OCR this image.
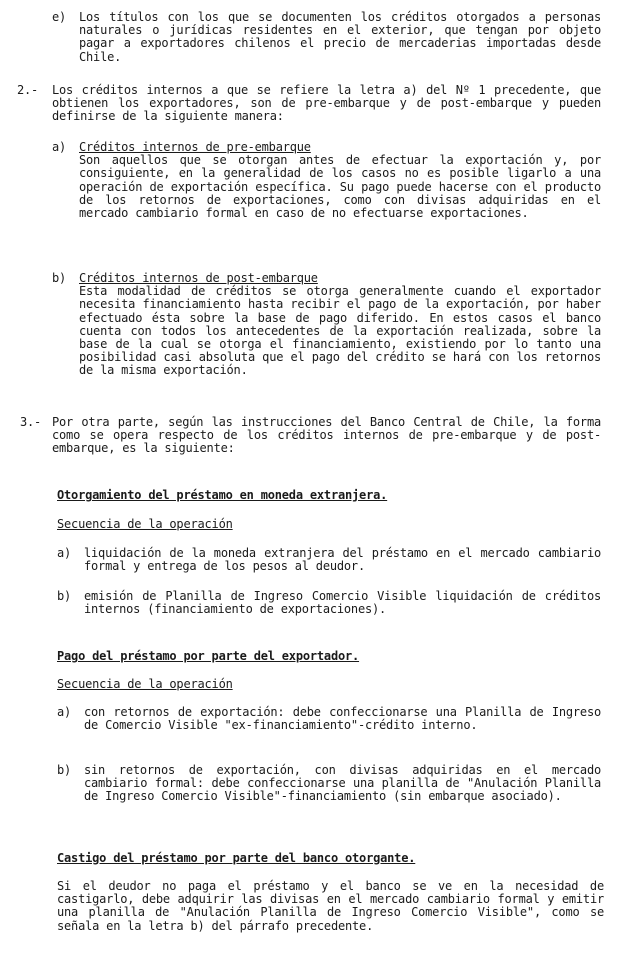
e) Los títulos con los que se documenten los créditos otorgados a personas naturales o jurídicas residentes en el exterior, que tengan por objeto pagar a exportadores chilenos el precio de mercaderias importadas desde Chile.

2.- Los créditos internos a que se refiere la letra a) del Nº 1 precedente, que obtienen los exportadores, son de pre-embarque y de post-embarque y pueden definirse de la siguiente manera:

a) Créditos internos de pre-embarque

Son aquellos que se otorgan antes de efectuar la exportación y, por consiguiente, en la generalidad de los casos no es posible ligarlo a una operación de exportación específica. Su pago puede hacerse con el producto de los retornos de exportaciones, como con divisas adquiridas en el mercado cambiario formal en caso de no efectuarse exportaciones.

b) Créditos internos de post-embarque

Esta modalidad de créditos se otorga generalmente cuando el exportador necesita financiamiento hasta recibir el pago de la exportación, por haber efectuado ésta sobre la base de pago diferido. En estos casos el banco cuenta con todos los antecedentes de la exportación realizada, sobre la base de la cual se otorga el financiamiento, existiendo por lo tanto una posibilidad casi absoluta que el pago del crédito se hará con los retornos de la misma exportación.

3.- Por otra parte, según las instrucciones del Banco Central de Chile, la forma como se opera respecto de los créditos internos de pre-embarque y de post-embarque, es la siguiente:

Otorgamiento del préstamo en moneda extranjera.
Secuencia de la operación
a) liquidación de la moneda extranjera del préstamo en el mercado cambiario formal y entrega de los pesos al deudor.

b) emisión de Planilla de Ingreso Comercio Visible liquidación de créditos internos (financiamiento de exportaciones).

Pago del préstamo por parte del exportador.
Secuencia de la operación
a) con retornos de exportación: debe confeccionarse una Planilla de Ingreso de Comercio Visible "ex-financiamiento"-crédito interno.

b) sin retornos de exportación, con divisas adquiridas en el mercado cambiario formal: debe confeccionarse una planilla de "Anulación Planilla de Ingreso Comercio Visible"-financiamiento (sin embarque asociado).

Castigo del préstamo por parte del banco otorgante.

Si el deudor no paga el préstamo y el banco se ve en la necesidad de castigarlo, debe adquirir las divisas en el mercado cambiario formal y emitir una planilla de "Anulación Planilla de Ingreso Comercio Visible", como se señala en la letra b) del párrafo precedente.
